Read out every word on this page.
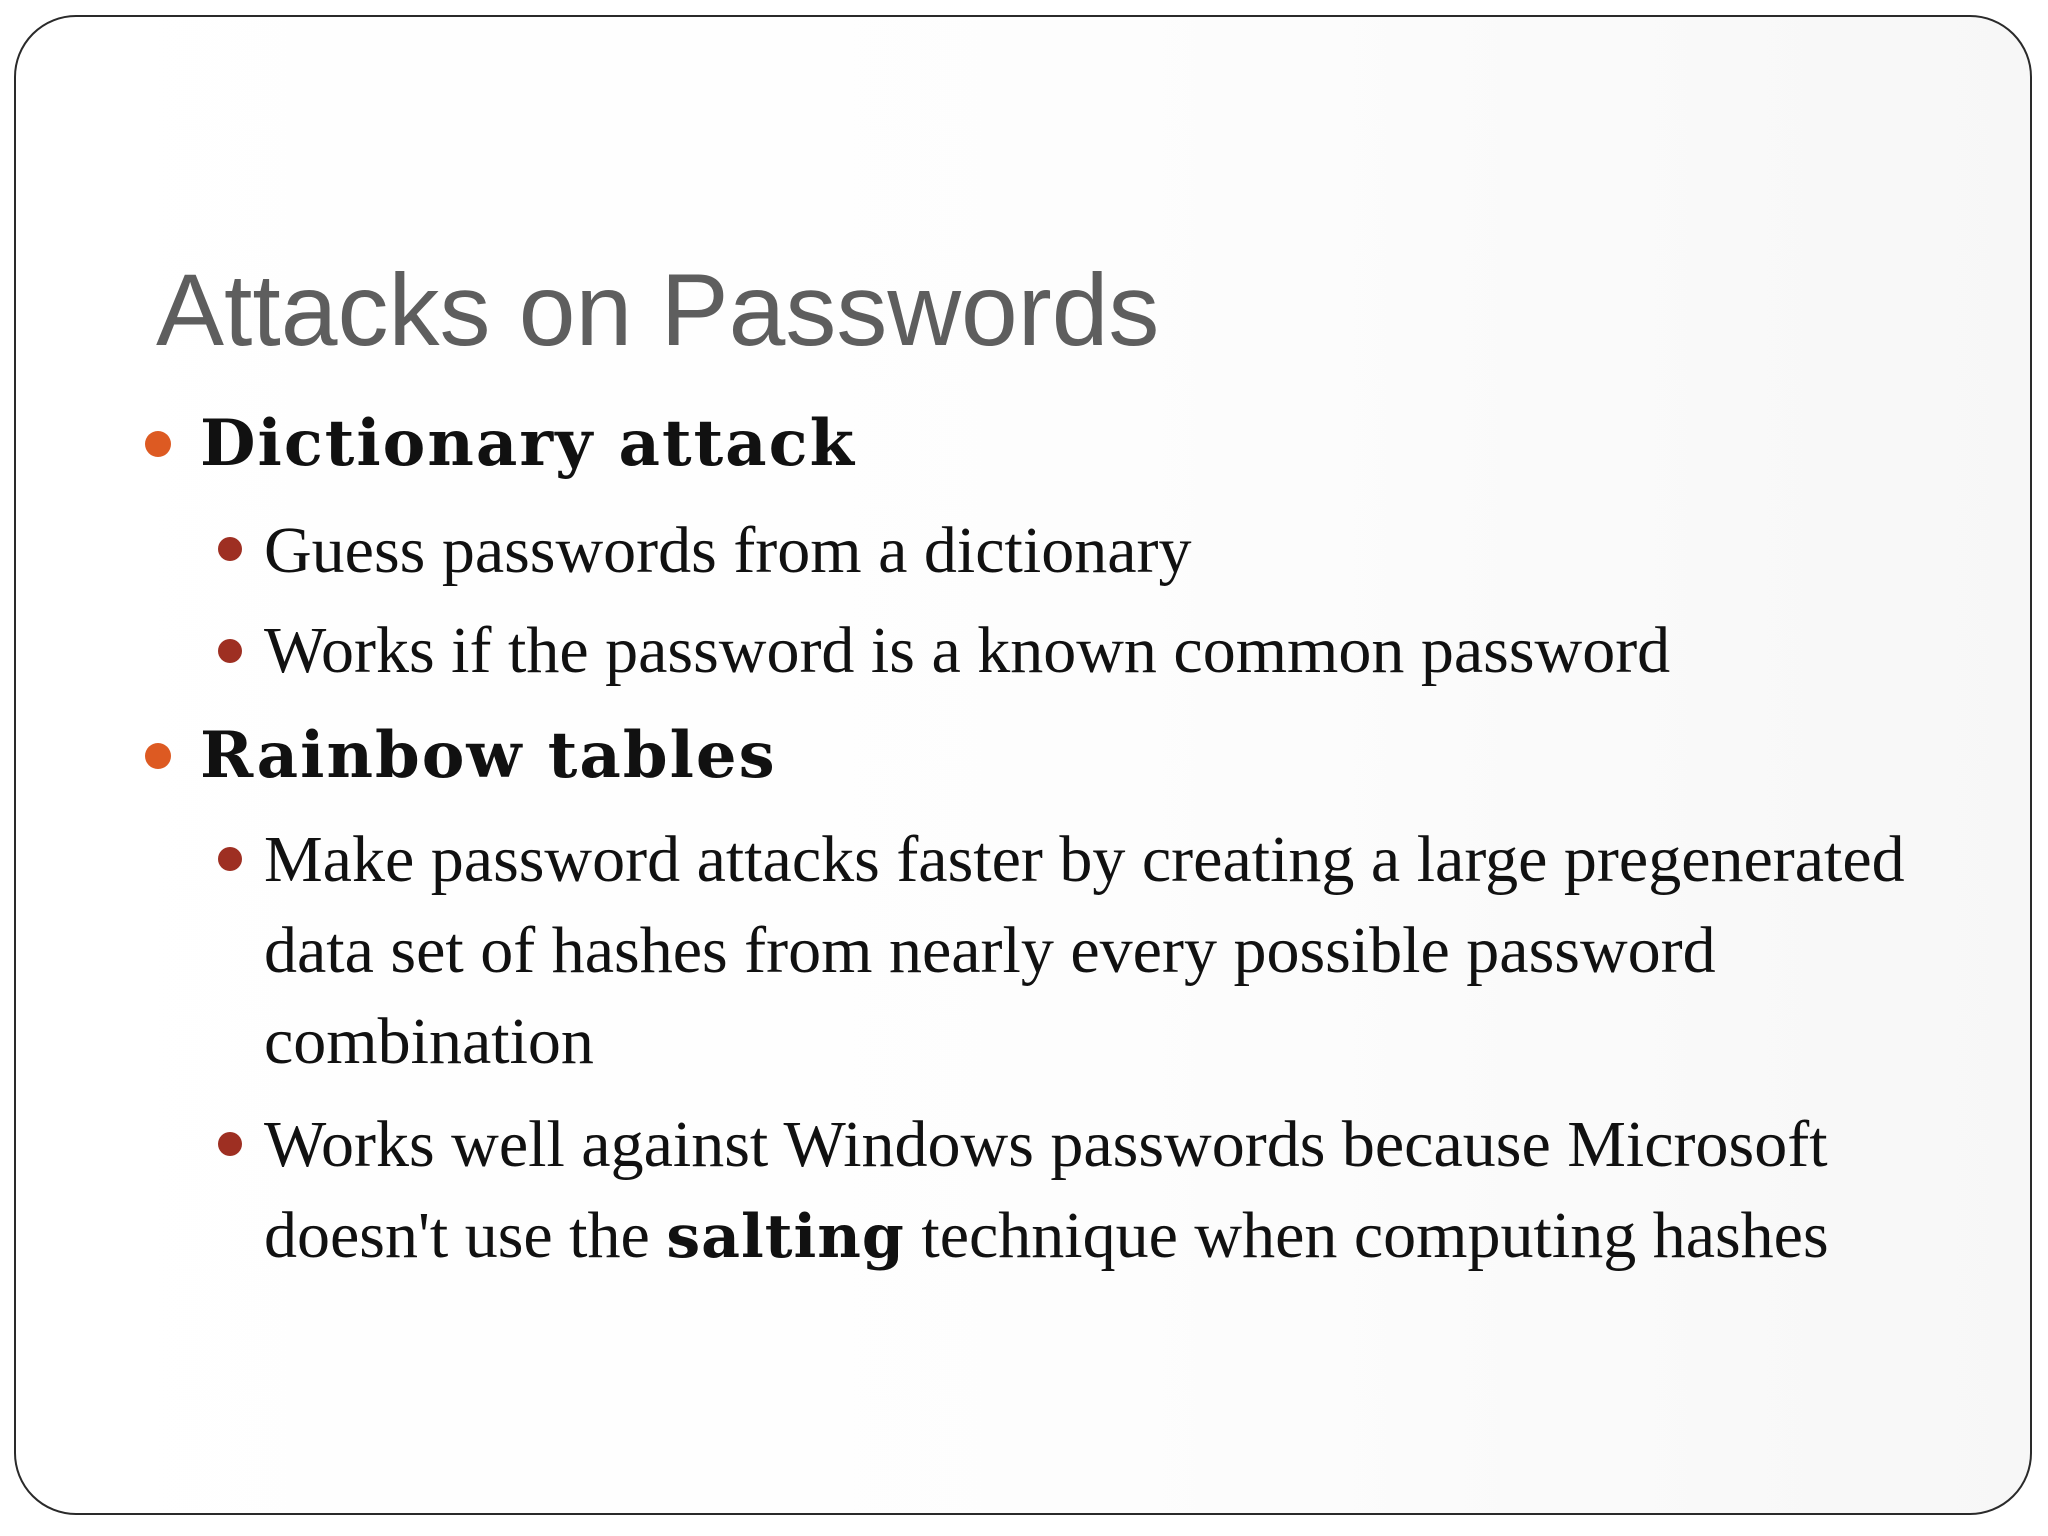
Attacks on Passwords
Dictionary attack
Guess passwords from a dictionary
Works if the password is a known common password
Rainbow tables
Make password attacks faster by creating a large pregenerated data set of hashes from nearly every possible password combination
Works well against Windows passwords because Microsoft doesn't use the salting technique when computing hashes
